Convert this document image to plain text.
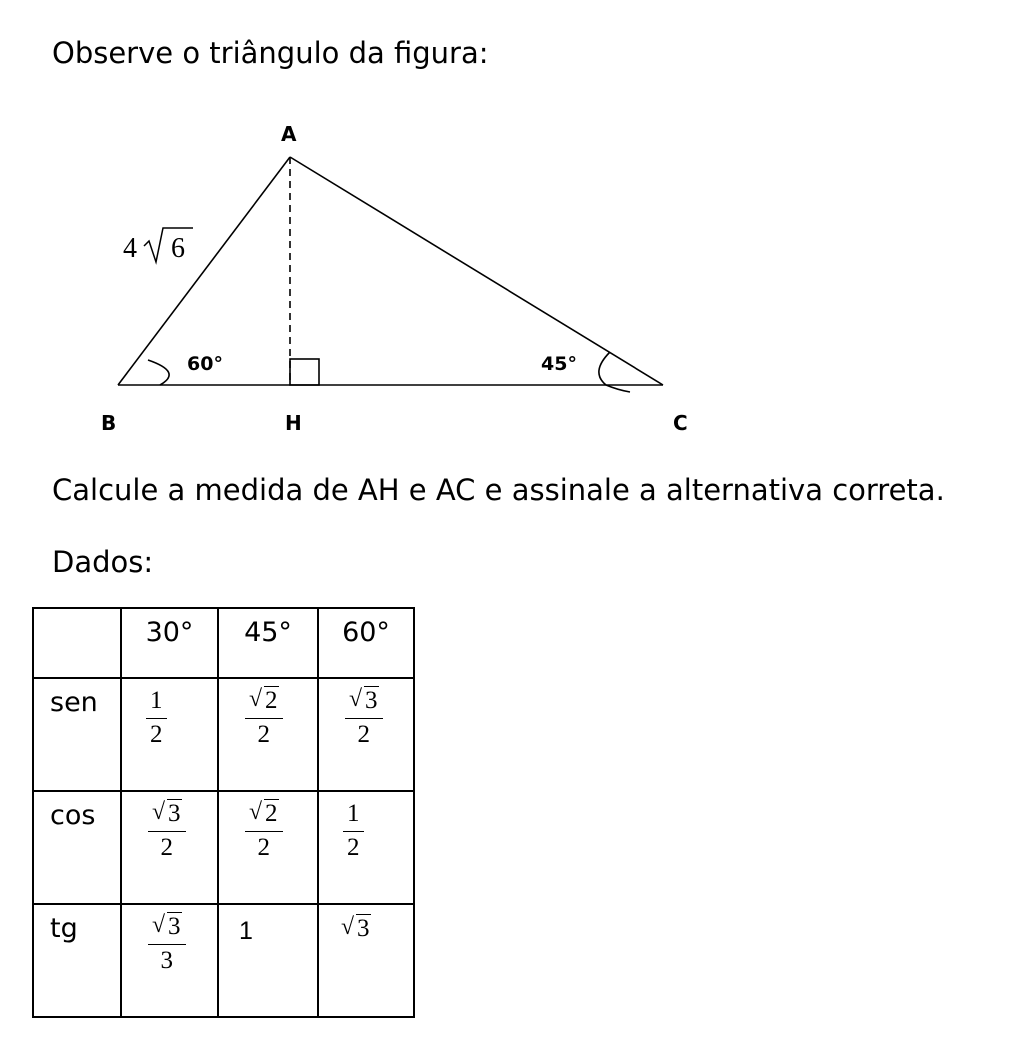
Observe o triângulo da figura:

A
B	H	C
60°	45°
4 6

Calcule a medida de AH e AC e assinale a alternativa correta.

Dados:

	30°	45°	60°
sen	$\frac{1}{2}$	√ $\frac{2}{2}$	√ $\frac{3}{2}$

cos	√ $\frac{3}{2}$	√ $\frac{2}{2}$	$\frac{1}{2}$

tg	√ $\frac{3}{3}$	1	√ 3
